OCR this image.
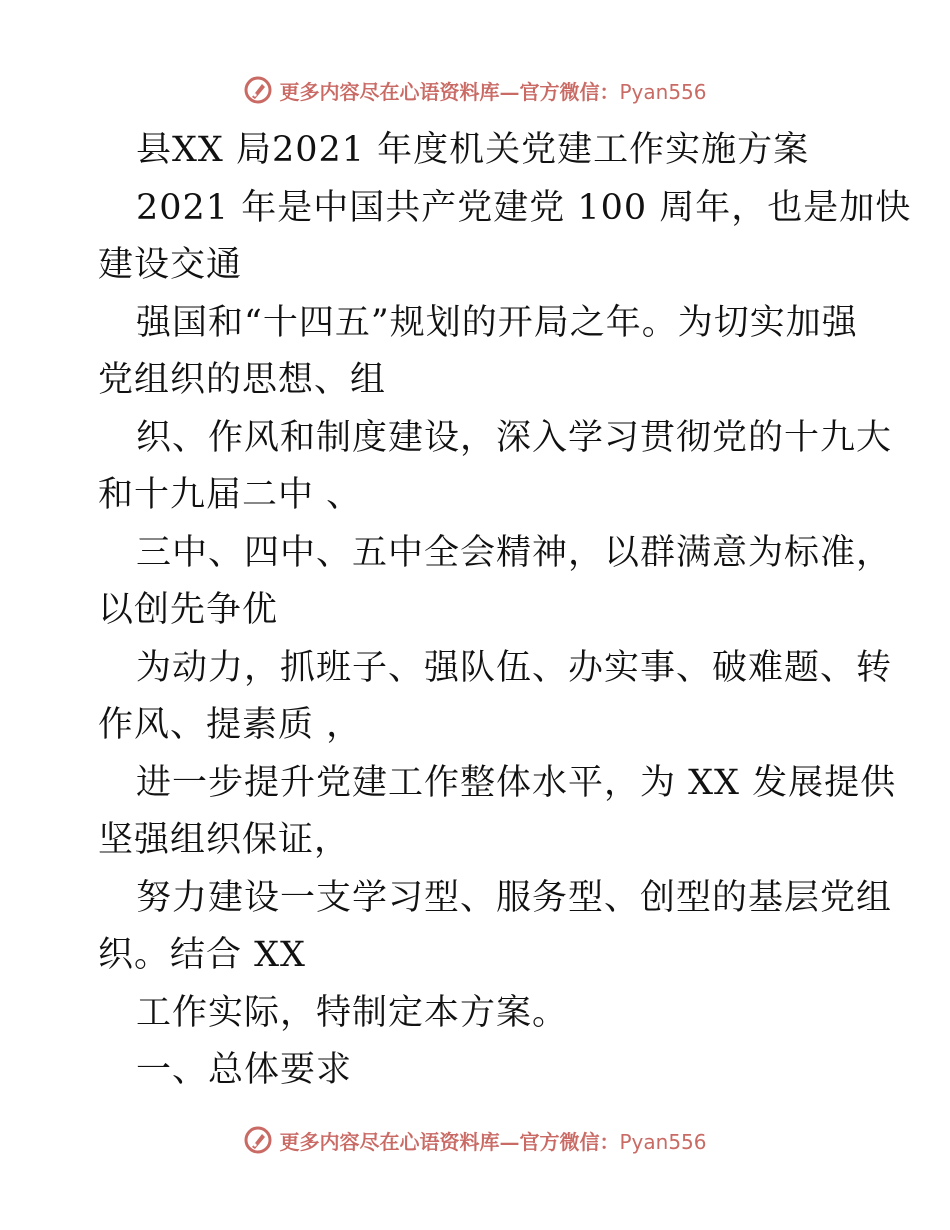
更多内容尽在心语资料库—官方微信：Pyan556
县XX 局2021 年度机关党建工作实施方案
2021 年是中国共产党建党 100 周年，也是加快
建设交通
强国和“十四五”规划的开局之年。为切实加强
党组织的思想、组
织、作风和制度建设，深入学习贯彻党的十九大
和十九届二中 、
三中、四中、五中全会精神，以群满意为标准，
以创先争优
为动力，抓班子、强队伍、办实事、破难题、转
作风、提素质 ，
进一步提升党建工作整体水平，为 XX 发展提供
坚强组织保证，
努力建设一支学习型、服务型、创型的基层党组
织。结合 XX
工作实际，特制定本方案。
一、总体要求
更多内容尽在心语资料库—官方微信：Pyan556
